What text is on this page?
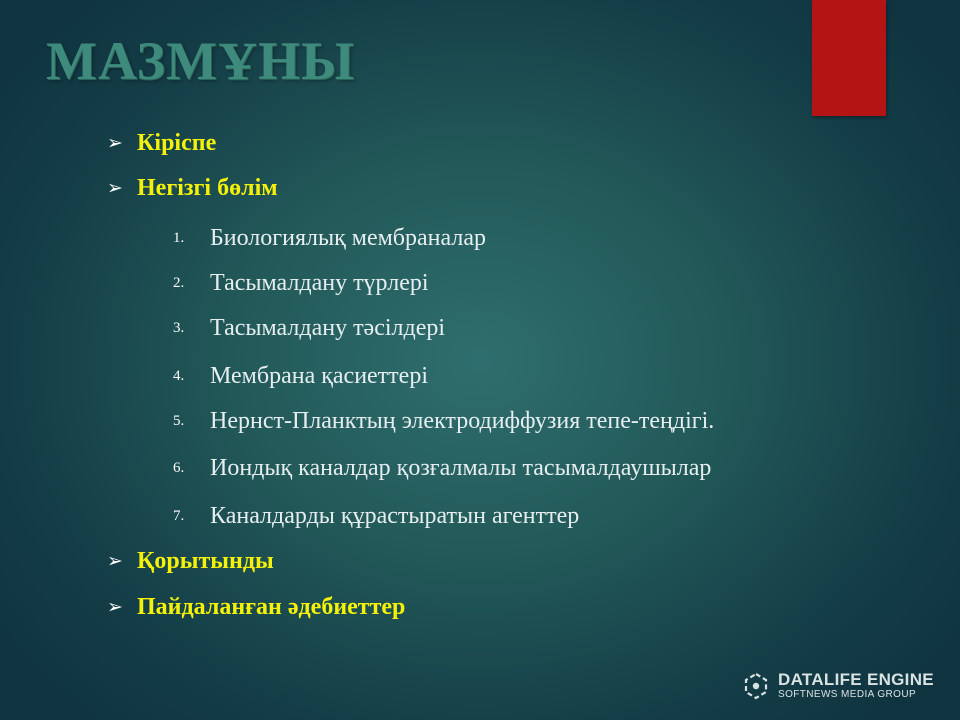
МАЗМҰНЫ
➢ Кіріспе
➢ Негізгі бөлім
1.	Биологиялық мембраналар
2.	Тасымалдану түрлері
3.	Тасымалдану тәсілдері
4.	Мембрана қасиеттері
5.	Нернст-Планктың электродиффузия тепе-теңдігі.
6.	Иондық каналдар қозғалмалы тасымалдаушылар
7.	Каналдарды құрастыратын агенттер
➢ Қорытынды
➢ Пайдаланған әдебиеттер
DATALIFE ENGINE
SOFTNEWS MEDIA GROUP
